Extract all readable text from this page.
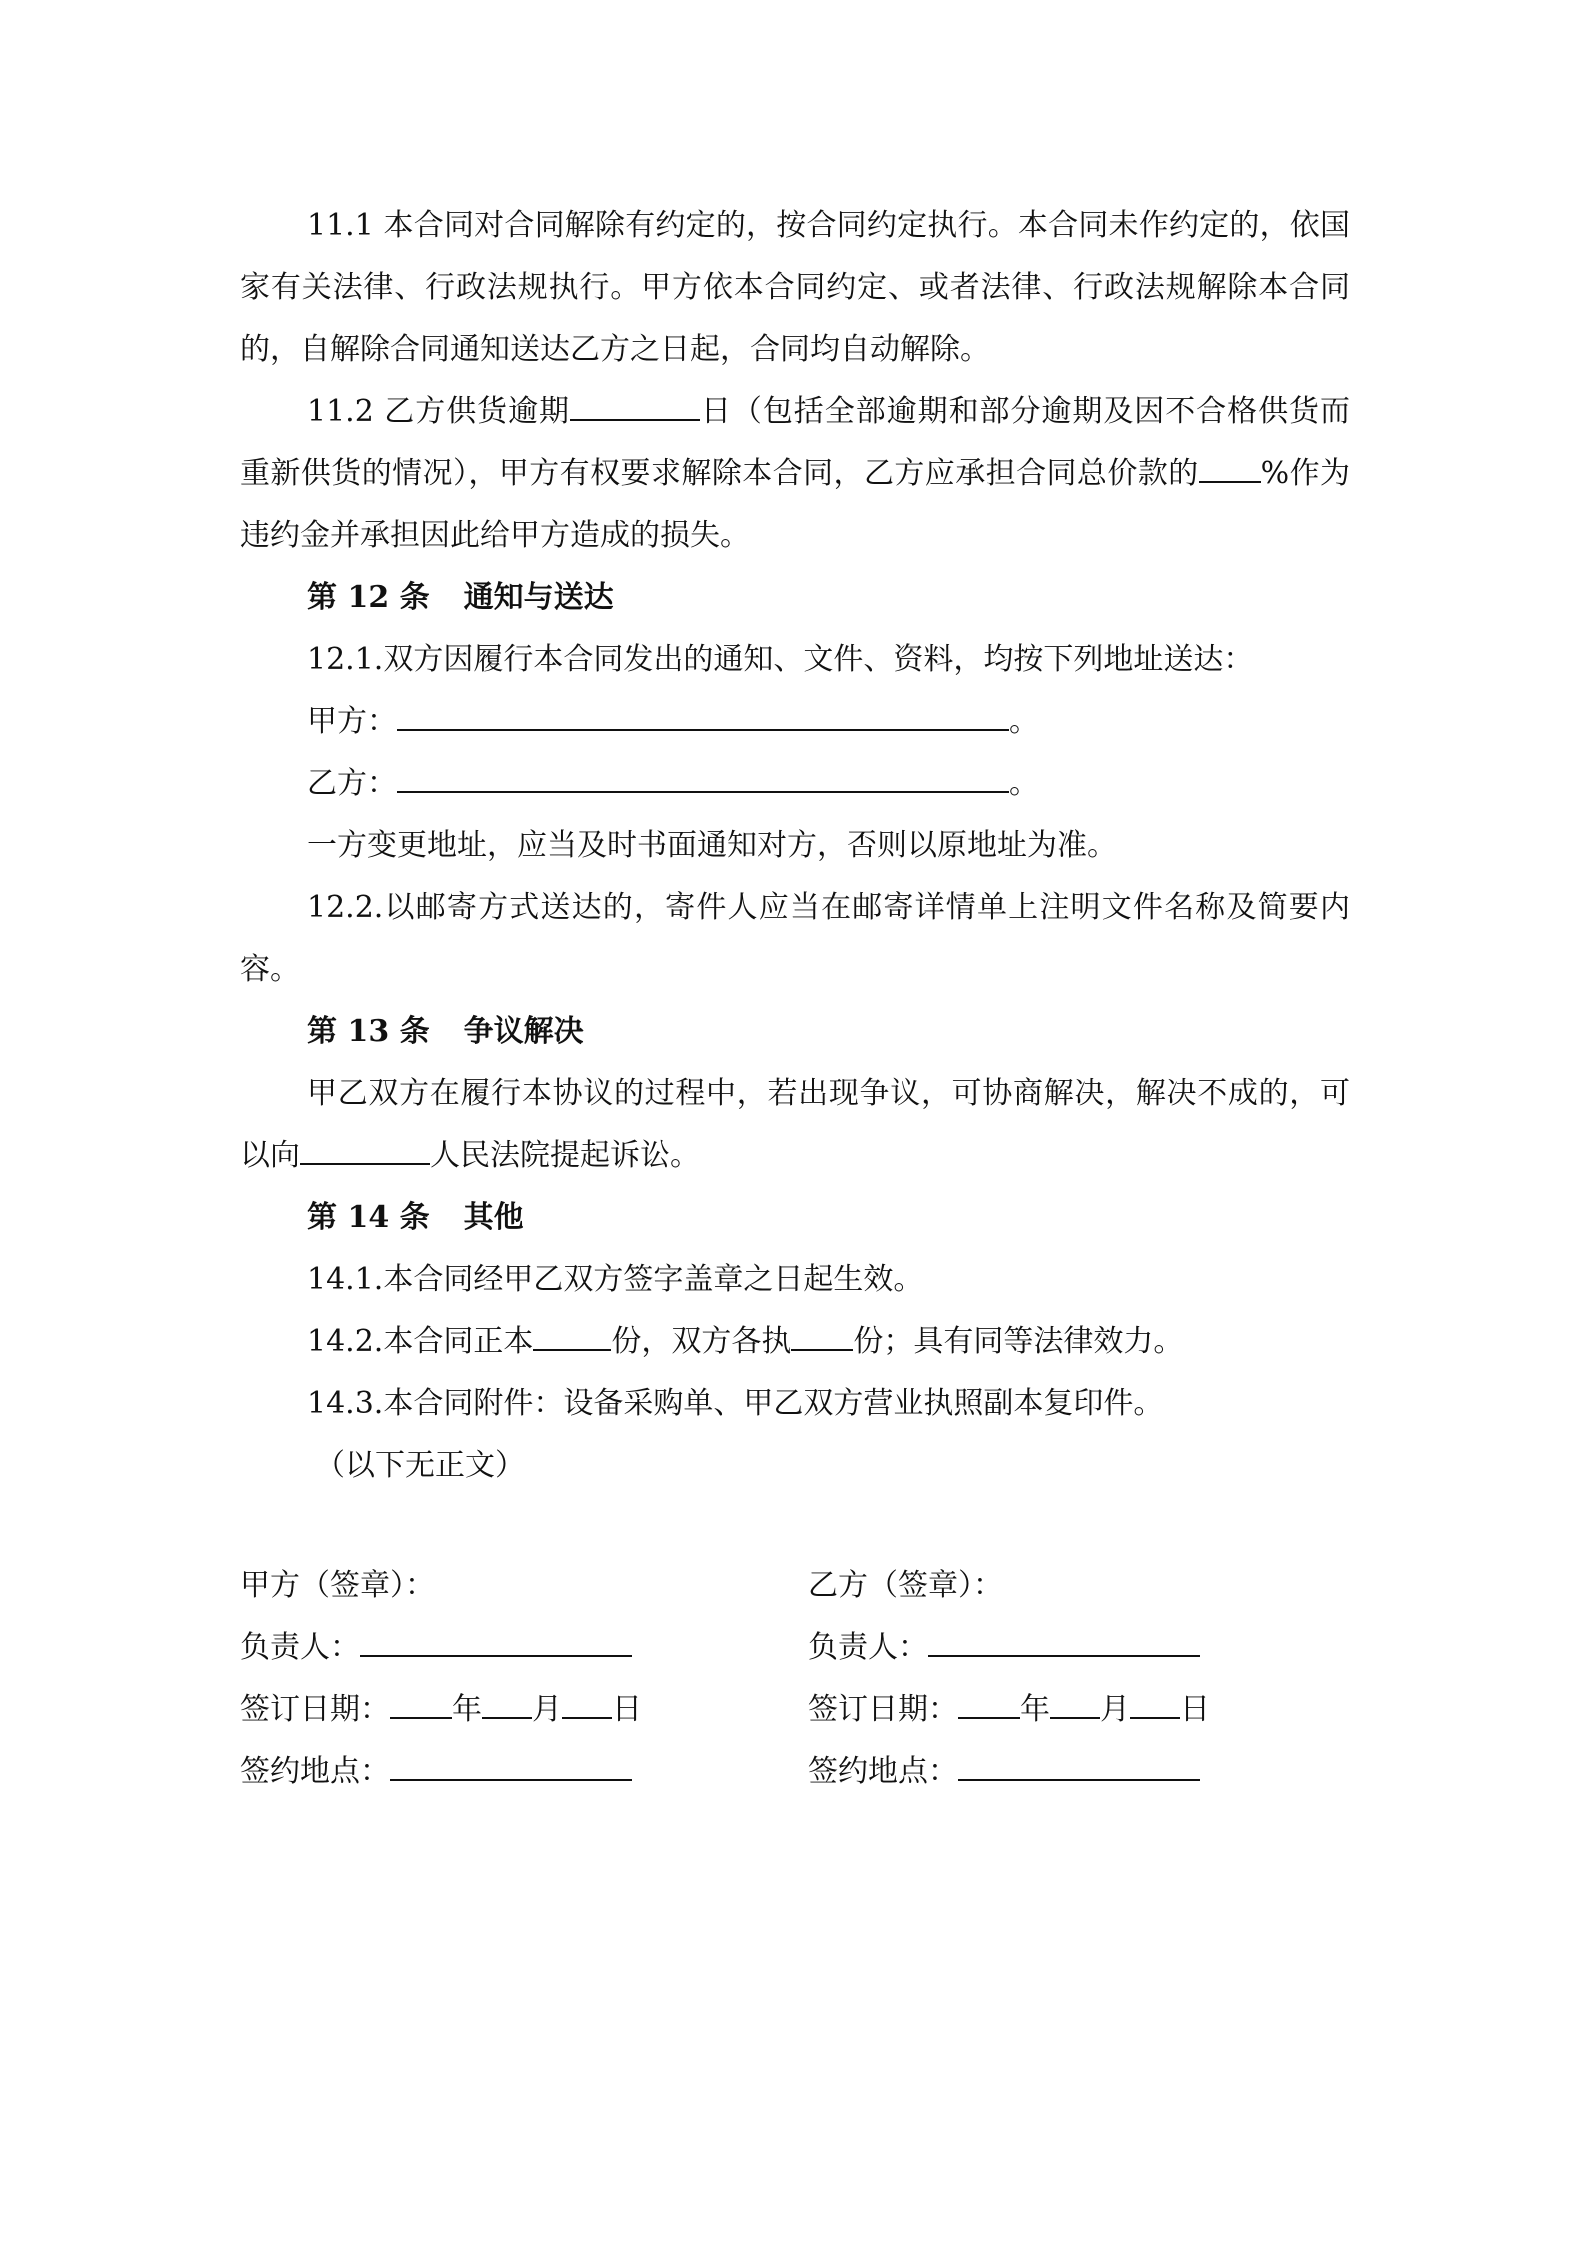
11.1 本合同对合同解除有约定的，按合同约定执行。本合同未作约定的，依国家有关法律、行政法规执行。甲方依本合同约定、或者法律、行政法规解除本合同的，自解除合同通知送达乙方之日起，合同均自动解除。

11.2 乙方供货逾期	日（包括全部逾期和部分逾期及因不合格供货而重新供货的情况），甲方有权要求解除本合同，乙方应承担合同总价款的 %作为违约金并承担因此给甲方造成的损失。

第 12 条 通知与送达

12.1.双方因履行本合同发出的通知、文件、资料，均按下列地址送达：

甲方：	。

乙方：	。

一方变更地址，应当及时书面通知对方，否则以原地址为准。

12.2.以邮寄方式送达的，寄件人应当在邮寄详情单上注明文件名称及简要内容。

第 13 条 争议解决

甲乙双方在履行本协议的过程中，若出现争议，可协商解决，解决不成的，可以向	人民法院提起诉讼。

第 14 条 其他

14.1.本合同经甲乙双方签字盖章之日起生效。

14.2.本合同正本	份，双方各执 份；具有同等法律效力。

14.3.本合同附件：设备采购单、甲乙双方营业执照副本复印件。

（以下无正文）

甲方（签章）：

负责人：

签订日期： 年 月 日

签约地点：

乙方（签章）：

负责人：

签订日期： 年 月 日

签约地点：
